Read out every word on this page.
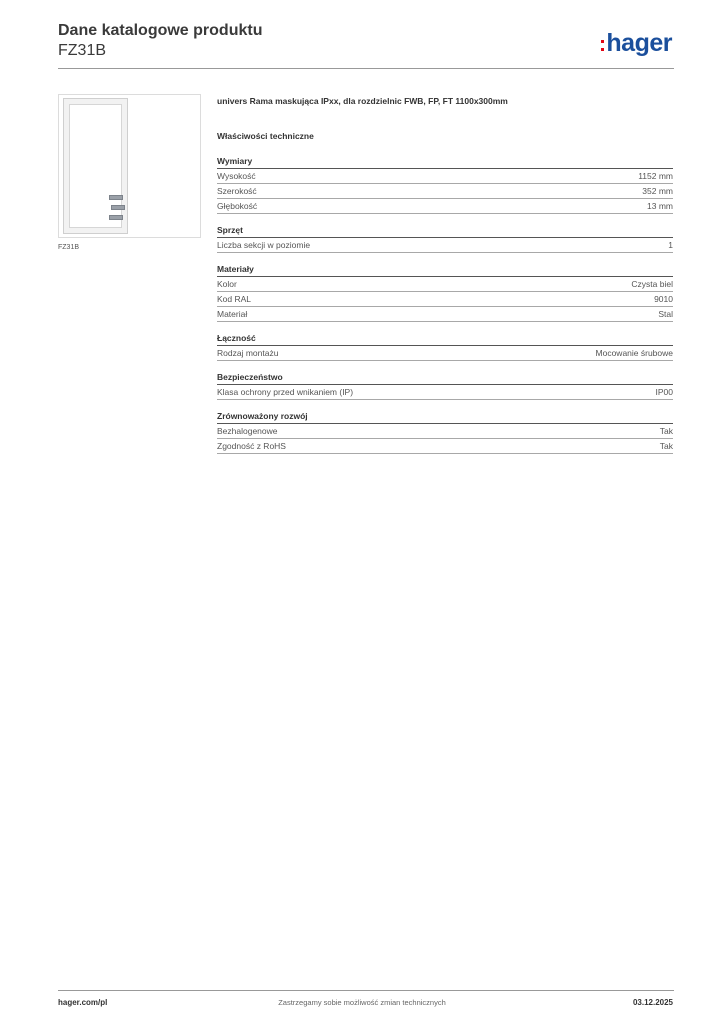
Dane katalogowe produktu
FZ31B	hager
FZ31B
univers Rama maskująca IPxx, dla rozdzielnic FWB, FP, FT 1100x300mm
Właściwości techniczne
Wymiary
Wysokość	1152 mm
Szerokość	352 mm
Głębokość	13 mm
Sprzęt
Liczba sekcji w poziomie	1
Materiały
Kolor	Czysta biel
Kod RAL	9010
Materiał	Stal
Łączność
Rodzaj montażu	Mocowanie śrubowe
Bezpieczeństwo
Klasa ochrony przed wnikaniem (IP)	IP00
Zrównoważony rozwój
Bezhalogenowe	Tak
Zgodność z RoHS	Tak
hager.com/pl	Zastrzegamy sobie możliwość zmian technicznych	03.12.2025
